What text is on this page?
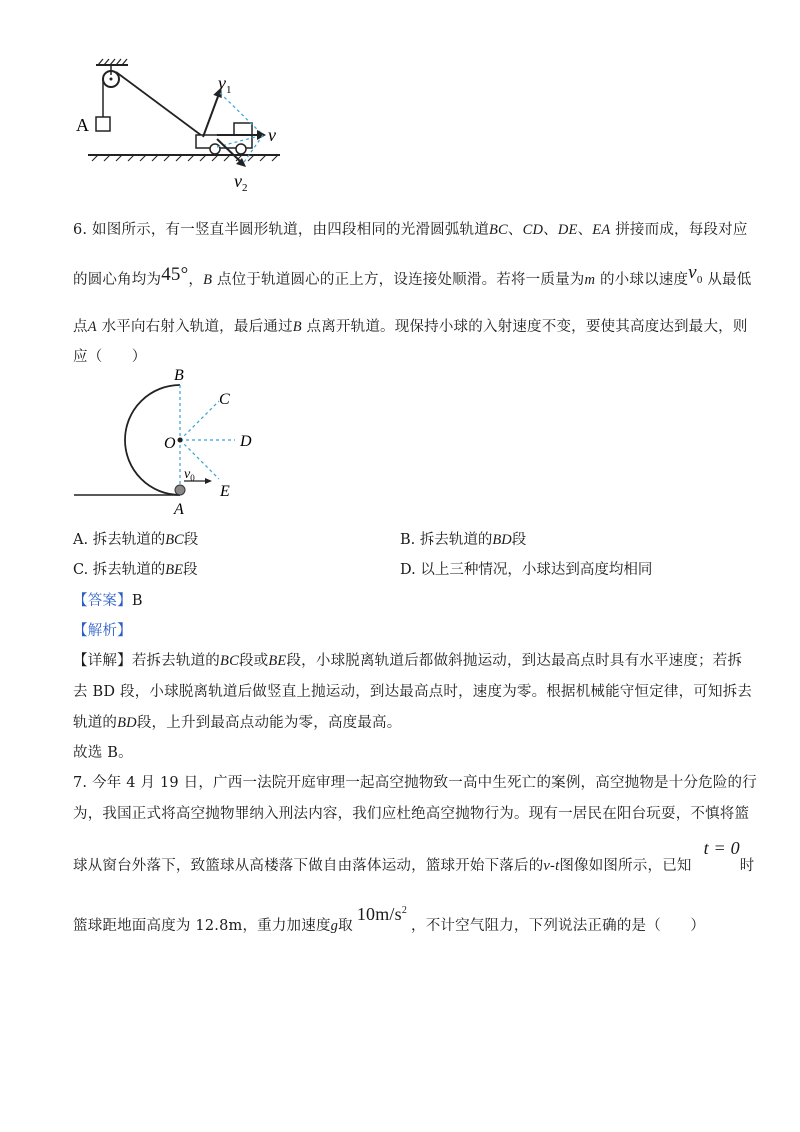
A
$v_1$
v
$v_2$
6. 如图所示，有一竖直半圆形轨道，由四段相同的光滑圆弧轨道BC、CD、DE、EA 拼接而成，每段对应
的圆心角均为45°，B 点位于轨道圆心的正上方，设连接处顺滑。若将一质量为m 的小球以速度$v_0$ 从最低
点A 水平向右射入轨道，最后通过B 点离开轨道。现保持小球的入射速度不变，要使其高度达到最大，则
应（　　）
B
C
O	D
E
A
$v_0$
A. 拆去轨道的BC段	B. 拆去轨道的BD段
C. 拆去轨道的BE段	D. 以上三种情况，小球达到高度均相同
【答案】B
【解析】
【详解】若拆去轨道的BC段或BE段，小球脱离轨道后都做斜抛运动，到达最高点时具有水平速度；若拆
去 BD 段，小球脱离轨道后做竖直上抛运动，到达最高点时，速度为零。根据机械能守恒定律，可知拆去
轨道的BD段，上升到最高点动能为零，高度最高。
故选 B。
7. 今年 4 月 19 日，广西一法院开庭审理一起高空抛物致一高中生死亡的案例，高空抛物是十分危险的行
为，我国正式将高空抛物罪纳入刑法内容，我们应杜绝高空抛物行为。现有一居民在阳台玩耍，不慎将篮
球从窗台外落下，致篮球从高楼落下做自由落体运动，篮球开始下落后的v-t图像如图所示，已知t = 0时
篮球距地面高度为 12.8m，重力加速度g取$10m/s^2$，不计空气阻力，下列说法正确的是（　　）
